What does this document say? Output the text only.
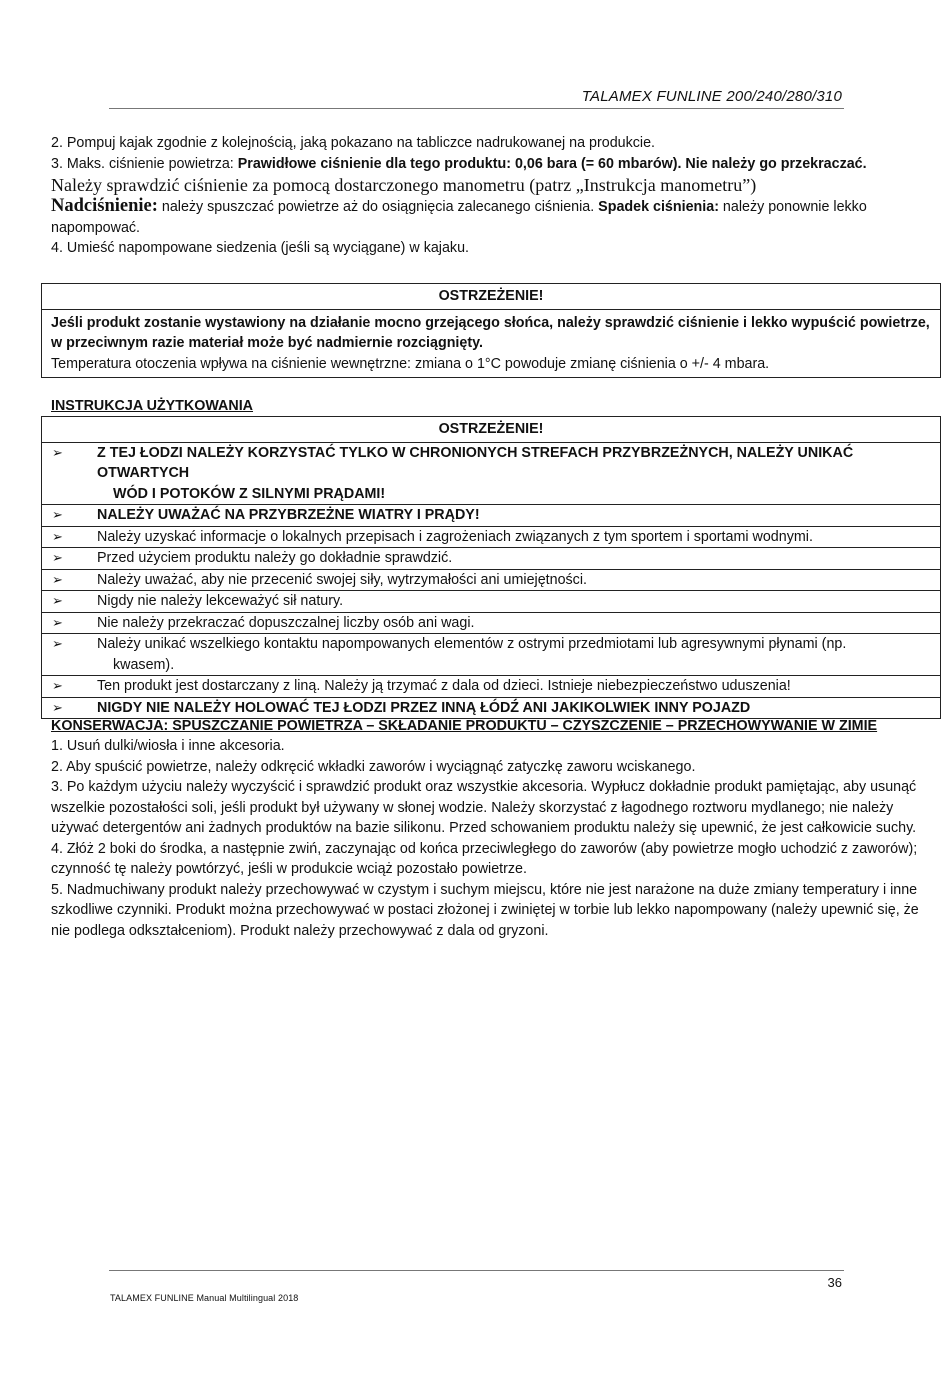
TALAMEX FUNLINE 200/240/280/310

2. Pompuj kajak zgodnie z kolejnością, jaką pokazano na tabliczce nadrukowanej na produkcie.

3. Maks. ciśnienie powietrza: Prawidłowe ciśnienie dla tego produktu: 0,06 bara (= 60 mbarów). Nie należy go przekraczać.

Należy sprawdzić ciśnienie za pomocą dostarczonego manometru (patrz „Instrukcja manometru”)

Nadciśnienie: należy spuszczać powietrze aż do osiągnięcia zalecanego ciśnienia. Spadek ciśnienia: należy ponownie lekko napompować.

4. Umieść napompowane siedzenia (jeśli są wyciągane) w kajaku.

OSTRZEŻENIE!
Jeśli produkt zostanie wystawiony na działanie mocno grzejącego słońca, należy sprawdzić ciśnienie i lekko wypuścić powietrze, w przeciwnym razie materiał może być nadmiernie rozciągnięty.
Temperatura otoczenia wpływa na ciśnienie wewnętrzne: zmiana o 1°C powoduje zmianę ciśnienia o +/- 4 mbara.
INSTRUKCJA UŻYTKOWANIA
OSTRZEŻENIE!
➢ Z TEJ ŁODZI NALEŻY KORZYSTAĆ TYLKO W CHRONIONYCH STREFACH PRZYBRZEŻNYCH, NALEŻY UNIKAĆ OTWARTYCH
WÓD I POTOKÓW Z SILNYMI PRĄDAMI!
➢ NALEŻY UWAŻAĆ NA PRZYBRZEŻNE WIATRY I PRĄDY!
➢ Należy uzyskać informacje o lokalnych przepisach i zagrożeniach związanych z tym sportem i sportami wodnymi.
➢ Przed użyciem produktu należy go dokładnie sprawdzić.
➢ Należy uważać, aby nie przecenić swojej siły, wytrzymałości ani umiejętności.
➢ Nigdy nie należy lekceważyć sił natury.
➢ Nie należy przekraczać dopuszczalnej liczby osób ani wagi.
➢ Należy unikać wszelkiego kontaktu napompowanych elementów z ostrymi przedmiotami lub agresywnymi płynami (np.
kwasem).
➢ Ten produkt jest dostarczany z liną. Należy ją trzymać z dala od dzieci. Istnieje niebezpieczeństwo uduszenia!
➢ NIGDY NIE NALEŻY HOLOWAĆ TEJ ŁODZI PRZEZ INNĄ ŁÓDŹ ANI JAKIKOLWIEK INNY POJAZD
KONSERWACJA: SPUSZCZANIE POWIETRZA – SKŁADANIE PRODUKTU – CZYSZCZENIE – PRZECHOWYWANIE W ZIMIE

1. Usuń dulki/wiosła i inne akcesoria.

2. Aby spuścić powietrze, należy odkręcić wkładki zaworów i wyciągnąć zatyczkę zaworu wciskanego.

3. Po każdym użyciu należy wyczyścić i sprawdzić produkt oraz wszystkie akcesoria. Wypłucz dokładnie produkt pamiętając, aby usunąć wszelkie pozostałości soli, jeśli produkt był używany w słonej wodzie. Należy skorzystać z łagodnego roztworu mydlanego; nie należy używać detergentów ani żadnych produktów na bazie silikonu. Przed schowaniem produktu należy się upewnić, że jest całkowicie suchy.

4. Złóż 2 boki do środka, a następnie zwiń, zaczynając od końca przeciwległego do zaworów (aby powietrze mogło uchodzić z zaworów); czynność tę należy powtórzyć, jeśli w produkcie wciąż pozostało powietrze.

5. Nadmuchiwany produkt należy przechowywać w czystym i suchym miejscu, które nie jest narażone na duże zmiany temperatury i inne szkodliwe czynniki. Produkt można przechowywać w postaci złożonej i zwiniętej w torbie lub lekko napompowany (należy upewnić się, że nie podlega odkształceniom). Produkt należy przechowywać z dala od gryzoni.

36
TALAMEX FUNLINE Manual Multilingual 2018
